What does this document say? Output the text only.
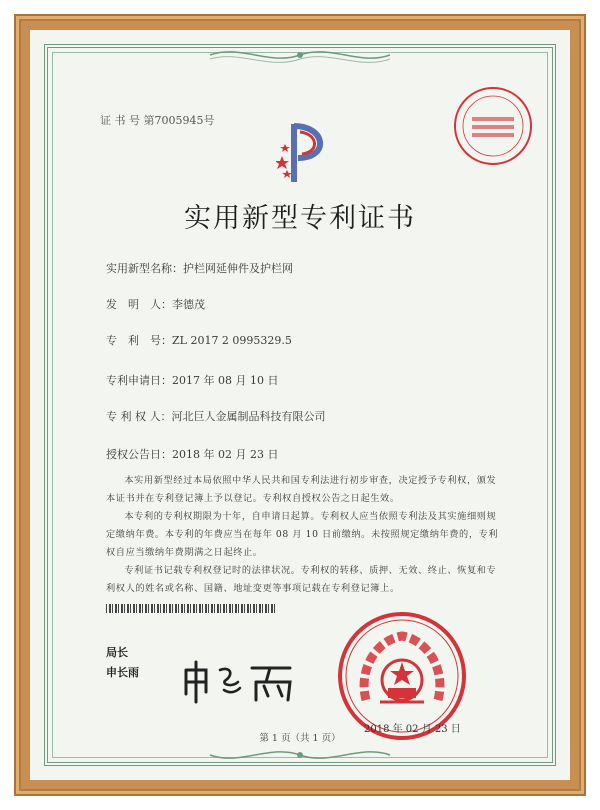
证 书 号 第7005945号
实用新型专利证书
实用新型名称：护栏网延伸件及护栏网
发　明　人：李德茂
专　利　号：ZL 2017 2 0995329.5
专利申请日：2017 年 08 月 10 日
专 利 权 人：河北巨人金属制品科技有限公司
授权公告日：2018 年 02 月 23 日
本实用新型经过本局依照中华人民共和国专利法进行初步审查，决定授予专利权，颁发本证书并在专利登记簿上予以登记。专利权自授权公告之日起生效。
本专利的专利权期限为十年，自申请日起算。专利权人应当依照专利法及其实施细则规定缴纳年费。本专利的年费应当在每年 08 月 10 日前缴纳。未按照规定缴纳年费的，专利权自应当缴纳年费期满之日起终止。
专利证书记载专利权登记时的法律状况。专利权的转移、质押、无效、终止、恢复和专利权人的姓名或名称、国籍、地址变更等事项记载在专利登记簿上。
局长
申长雨
2018 年 02 月 23 日
第 1 页（共 1 页）
